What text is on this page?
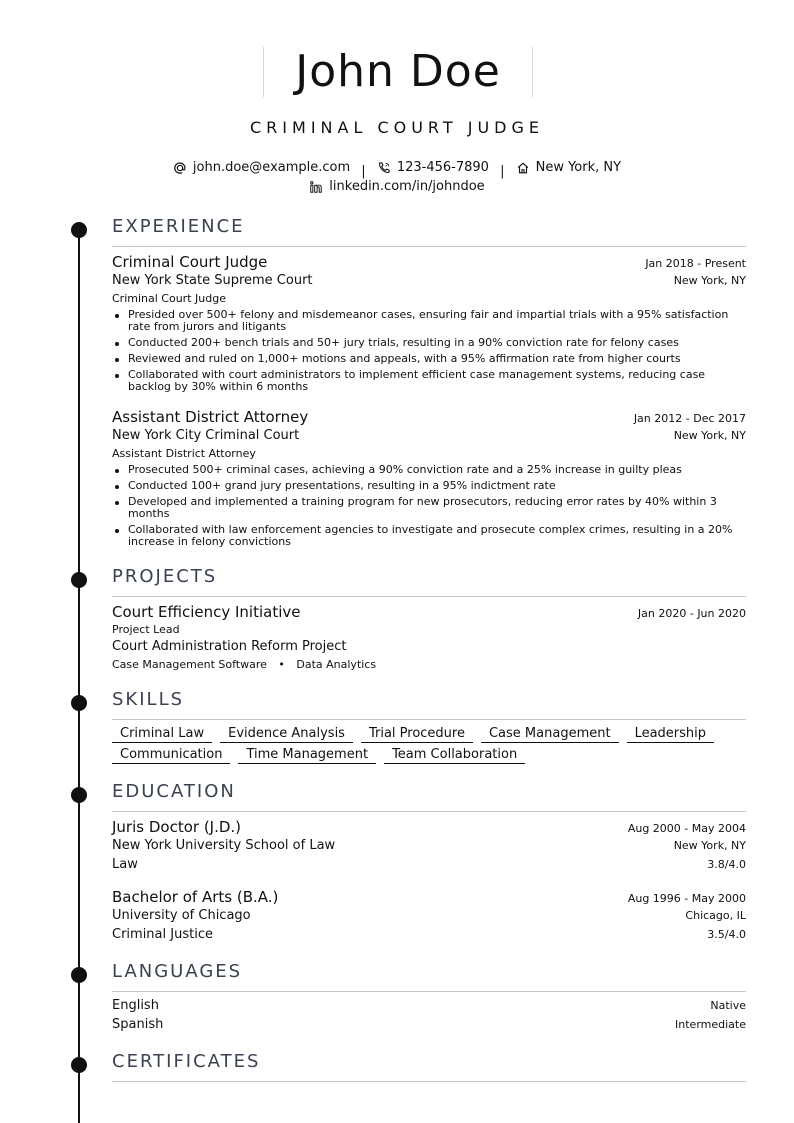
John Doe
CRIMINAL COURT JUDGE
john.doe@example.com | 123-456-7890 | New York, NY
linkedin.com/in/johndoe
EXPERIENCE
Criminal Court Judge	Jan 2018 - Present
New York State Supreme Court	New York, NY
Criminal Court Judge
Presided over 500+ felony and misdemeanor cases, ensuring fair and impartial trials with a 95% satisfaction rate from jurors and litigants
Conducted 200+ bench trials and 50+ jury trials, resulting in a 90% conviction rate for felony cases
Reviewed and ruled on 1,000+ motions and appeals, with a 95% affirmation rate from higher courts
Collaborated with court administrators to implement efficient case management systems, reducing case backlog by 30% within 6 months
Assistant District Attorney	Jan 2012 - Dec 2017
New York City Criminal Court	New York, NY
Assistant District Attorney
Prosecuted 500+ criminal cases, achieving a 90% conviction rate and a 25% increase in guilty pleas
Conducted 100+ grand jury presentations, resulting in a 95% indictment rate
Developed and implemented a training program for new prosecutors, reducing error rates by 40% within 3 months
Collaborated with law enforcement agencies to investigate and prosecute complex crimes, resulting in a 20% increase in felony convictions
PROJECTS
Court Efficiency Initiative	Jan 2020 - Jun 2020
Project Lead
Court Administration Reform Project
Case Management Software • Data Analytics
SKILLS
Criminal Law	Evidence Analysis	Trial Procedure	Case Management	Leadership
Communication	Time Management	Team Collaboration
EDUCATION
Juris Doctor (J.D.)	Aug 2000 - May 2004
New York University School of Law	New York, NY
Law	3.8/4.0
Bachelor of Arts (B.A.)	Aug 1996 - May 2000
University of Chicago	Chicago, IL
Criminal Justice	3.5/4.0
LANGUAGES
English	Native
Spanish	Intermediate
CERTIFICATES
